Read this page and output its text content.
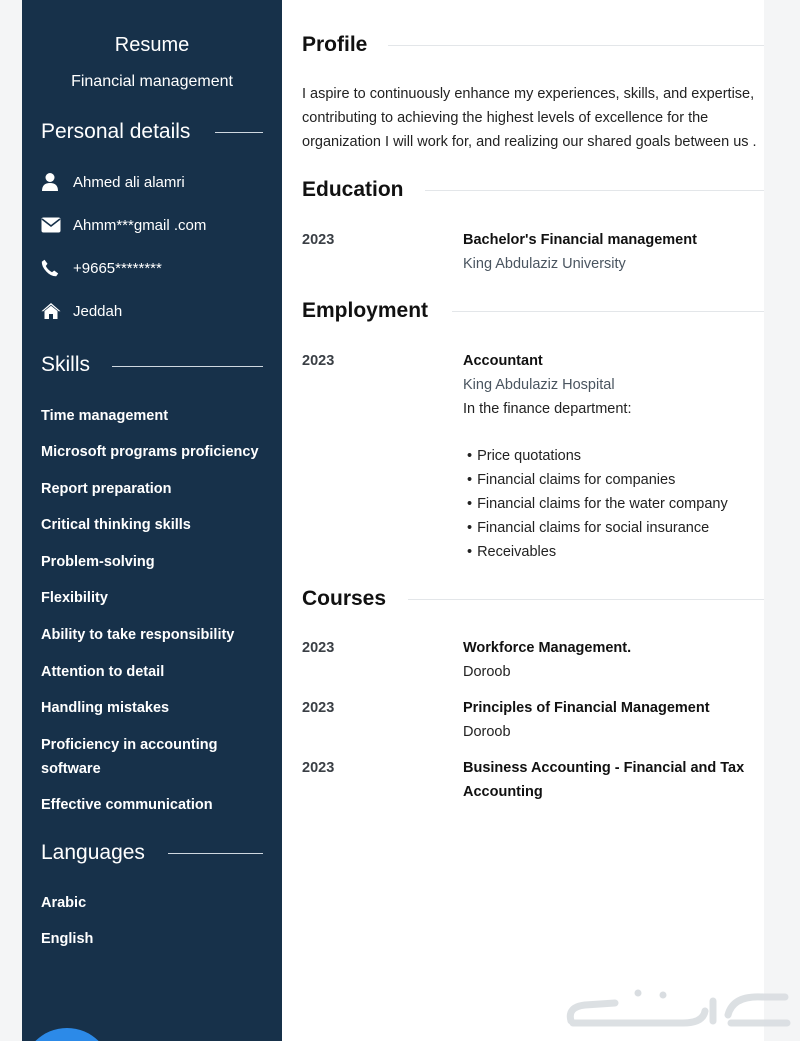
Resume
Financial management
Personal details
Ahmed ali alamri
Ahmm***gmail .com
+9665********
Jeddah
Skills
Time management
Microsoft programs proficiency
Report preparation
Critical thinking skills
Problem-solving
Flexibility
Ability to take responsibility
Attention to detail
Handling mistakes
Proficiency in accounting software
Effective communication
Languages
Arabic
English
Profile
I aspire to continuously enhance my experiences, skills, and expertise, contributing to achieving the highest levels of excellence for the organization I will work for, and realizing our shared goals between us .
Education
2023	Bachelor's Financial management
King Abdulaziz University
Employment
2023	Accountant
King Abdulaziz Hospital
In the finance department:
• Price quotations
• Financial claims for companies
• Financial claims for the water company
• Financial claims for social insurance
• Receivables
Courses
2023	Workforce Management.
Doroob
2023	Principles of Financial Management
Doroob
2023	Business Accounting - Financial and Tax Accounting
